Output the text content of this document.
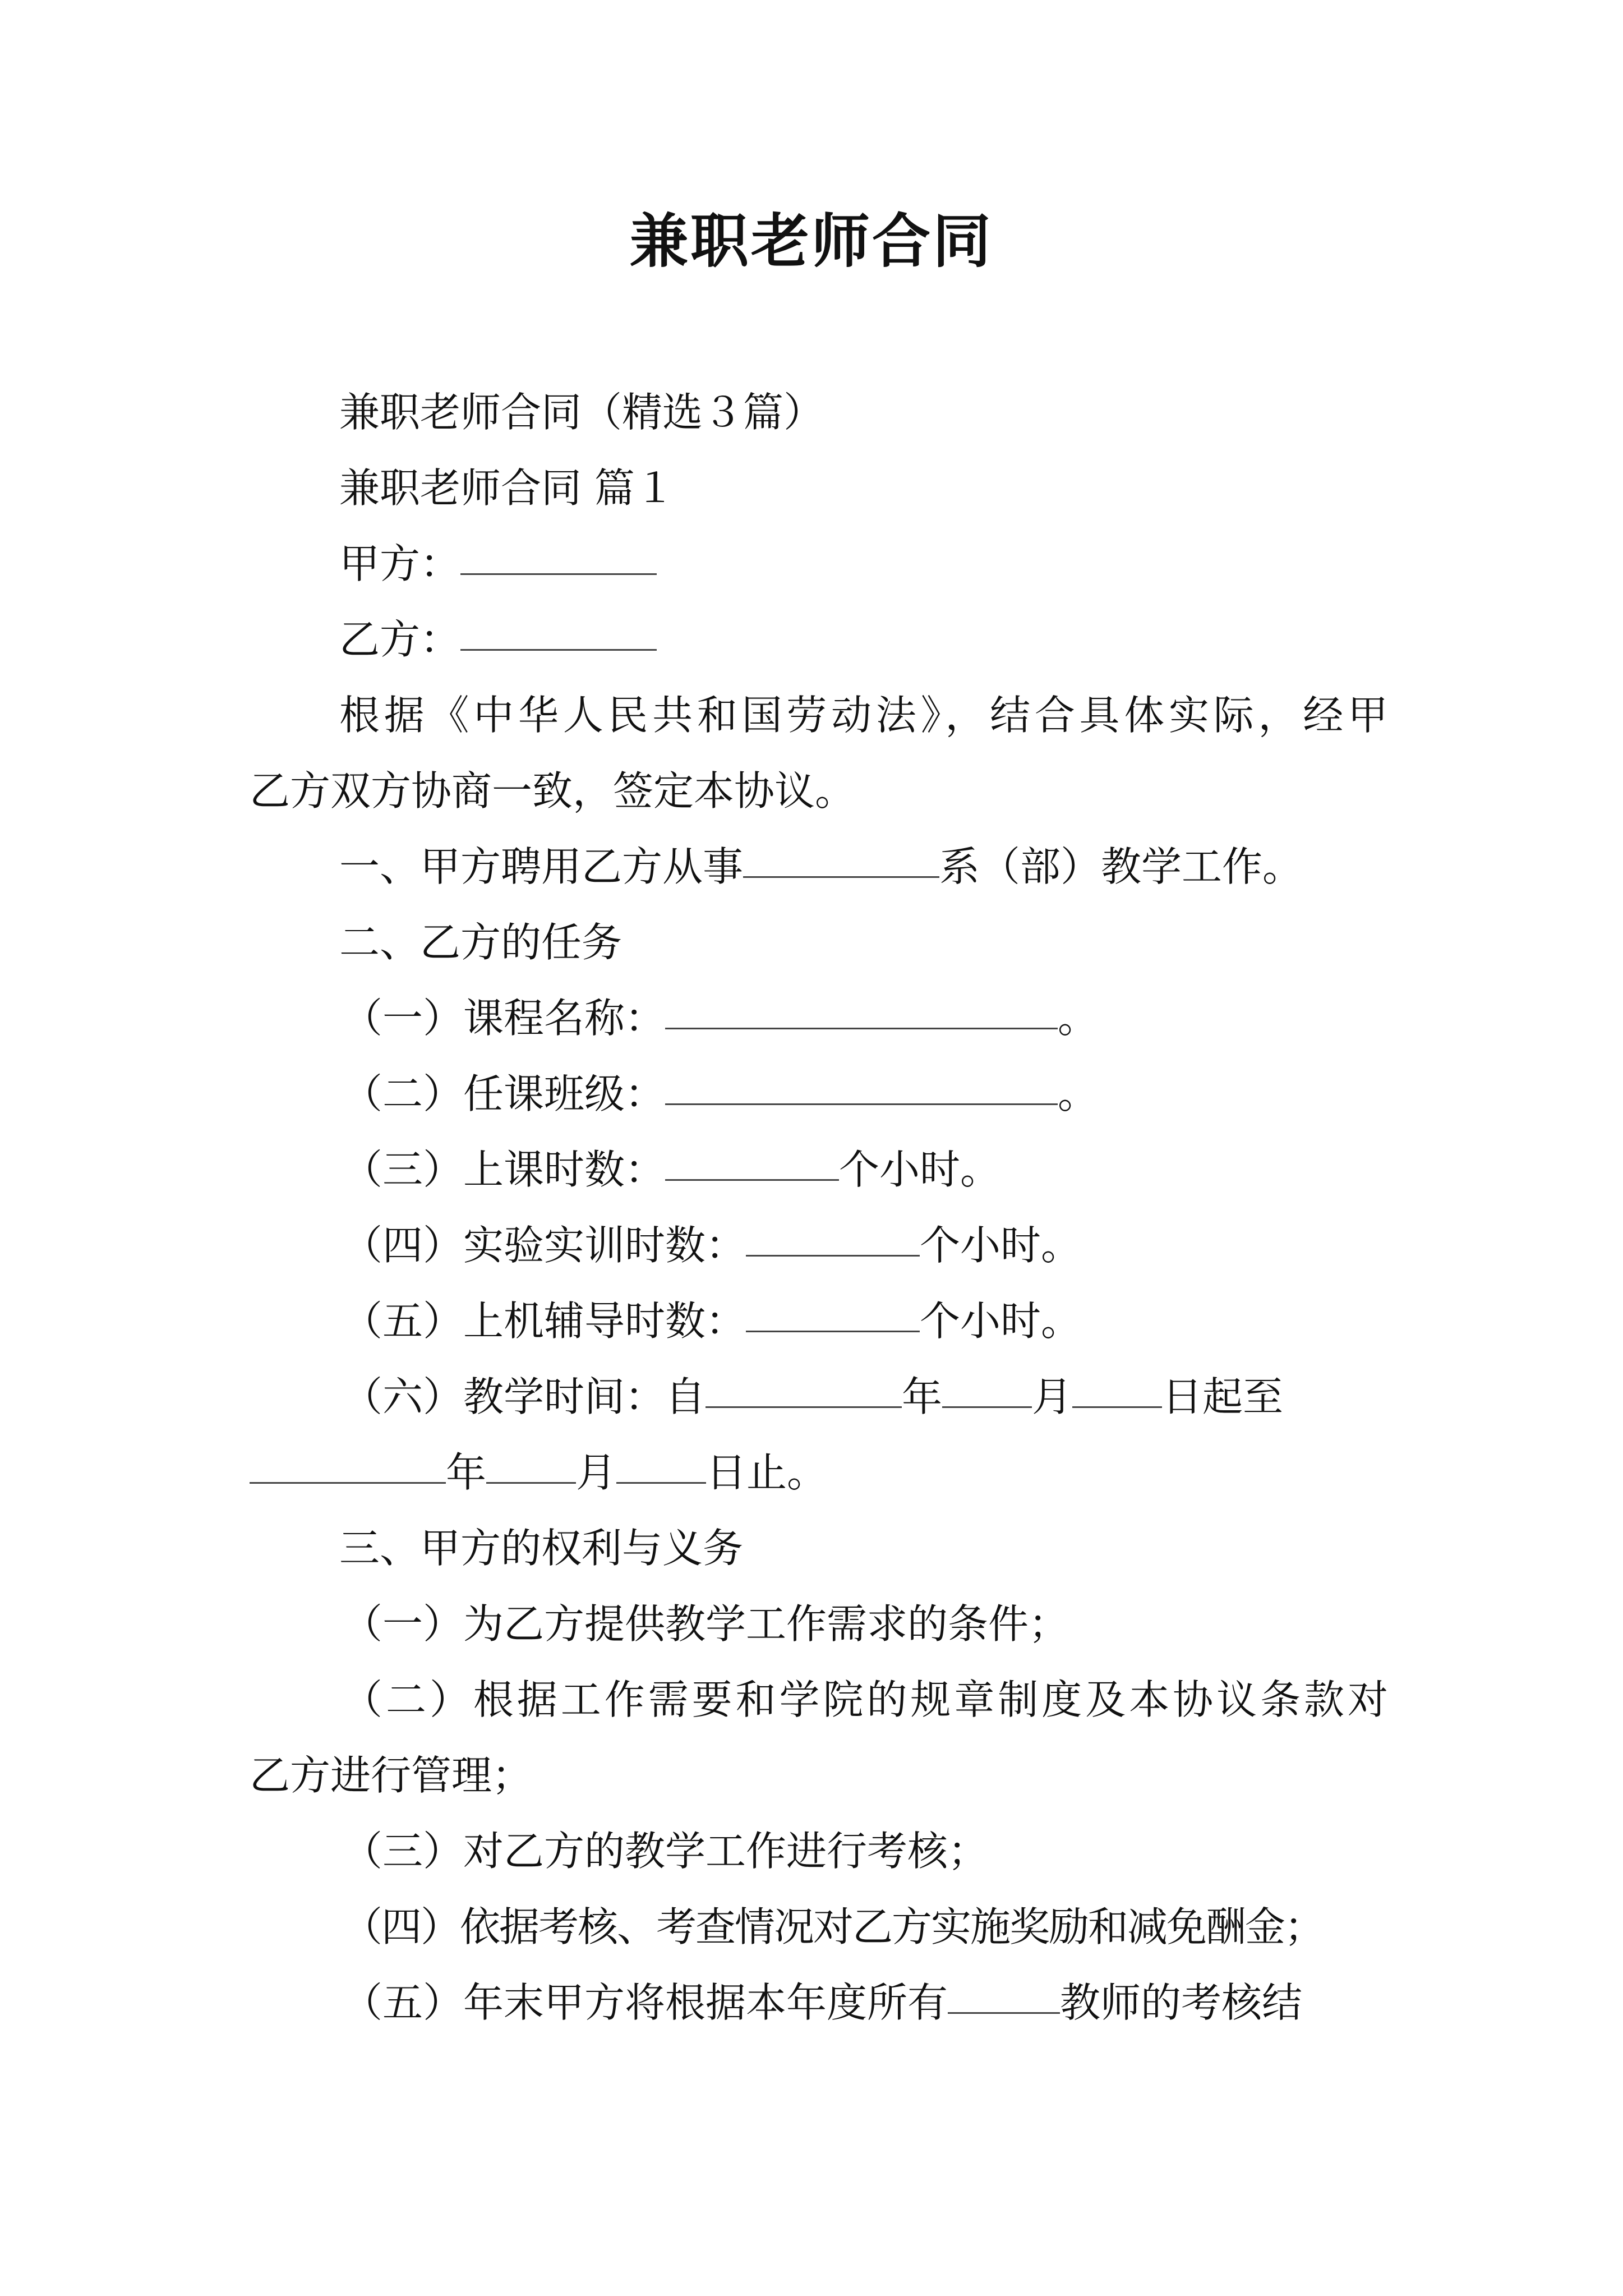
兼职老师合同
兼职老师合同（精选３篇）
兼职老师合同 篇１
甲方：
乙方：
根据《中华人民共和国劳动法》，结合具体实际，经甲
乙方双方协商一致，签定本协议。
一、甲方聘用乙方从事	系（部）教学工作。
二、乙方的任务
（一）课程名称：	。
（二）任课班级：	。
（三）上课时数：	个小时。
（四）实验实训时数：	个小时。
（五）上机辅导时数：	个小时。
（六）教学时间：自	年 月 日起至
年 月 日止。
三、甲方的权利与义务
（一）为乙方提供教学工作需求的条件；
（二）根据工作需要和学院的规章制度及本协议条款对
乙方进行管理；
（三）对乙方的教学工作进行考核；
（四）依据考核、考查情况对乙方实施奖励和减免酬金；
（五）年末甲方将根据本年度所有	教师的考核结
